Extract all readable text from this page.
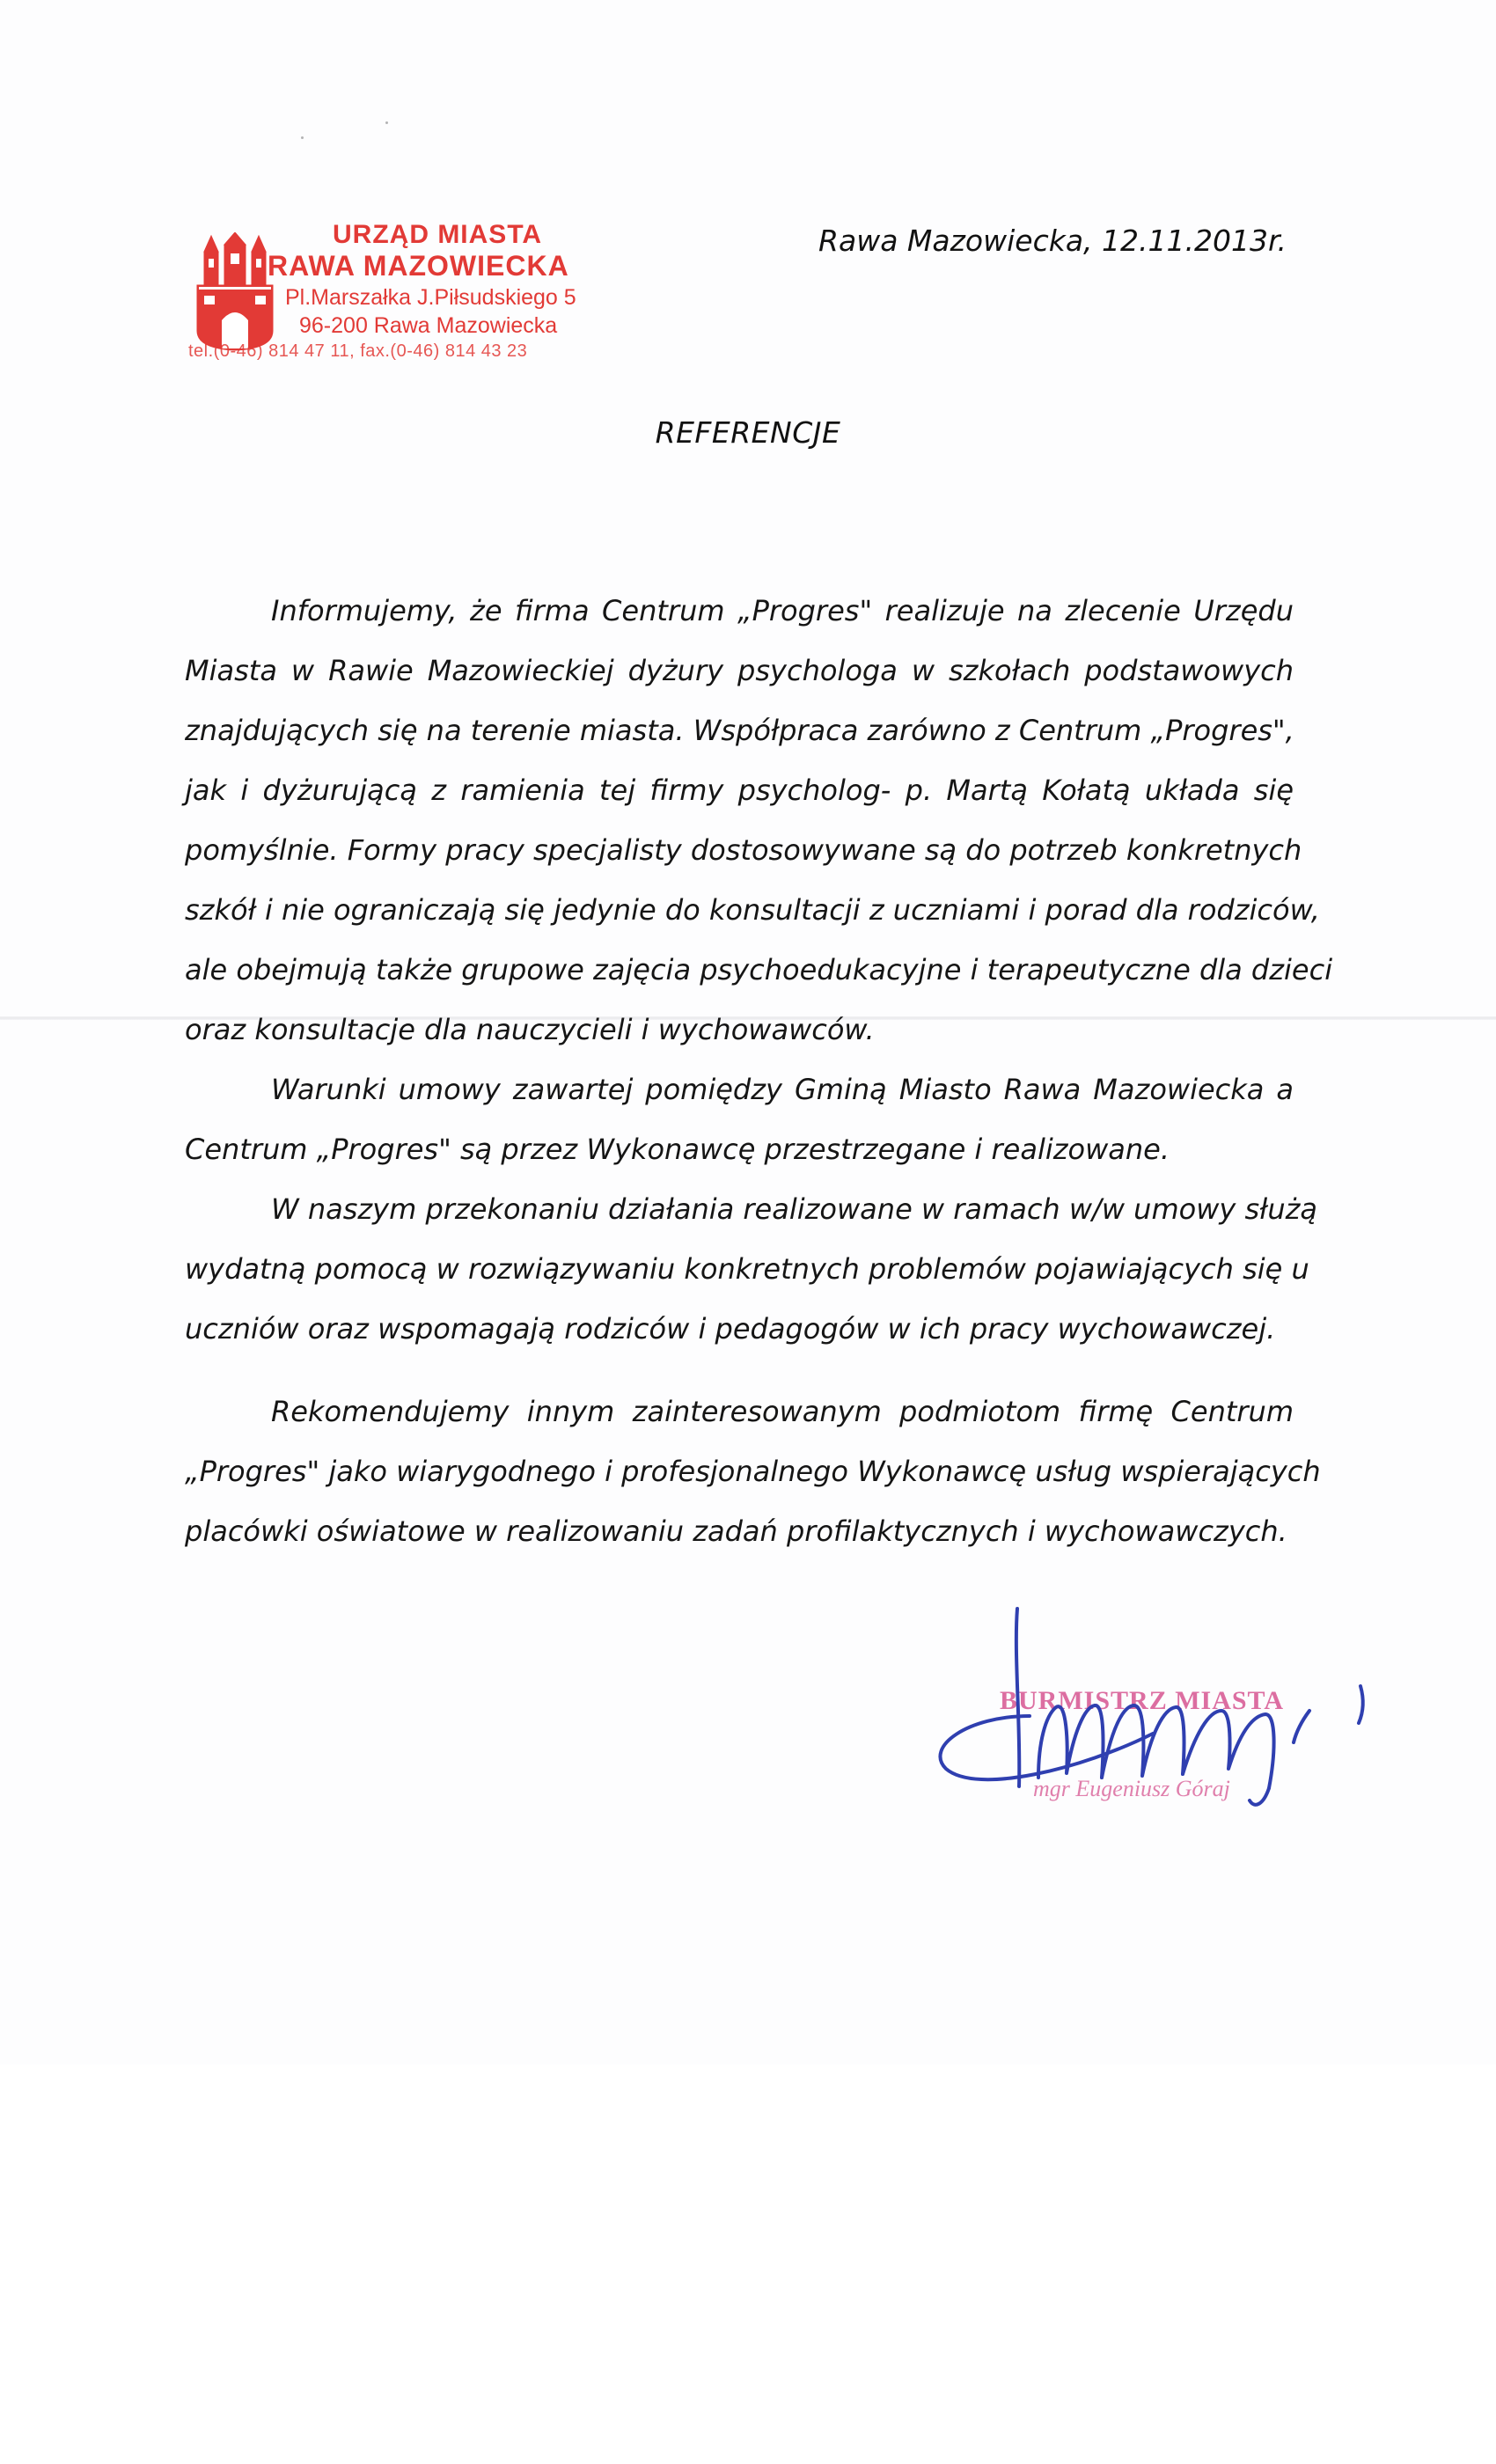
URZĄD MIASTA
RAWA MAZOWIECKA
Pl.Marszałka J.Piłsudskiego 5
96-200 Rawa Mazowiecka
tel.(0-46) 814 47 11, fax.(0-46) 814 43 23
Rawa Mazowiecka, 12.11.2013r.
REFERENCJE
Informujemy, że firma Centrum „Progres" realizuje na zlecenie Urzędu
Miasta w Rawie Mazowieckiej dyżury psychologa w szkołach podstawowych
znajdujących się na terenie miasta. Współpraca zarówno z Centrum „Progres",
jak i dyżurującą z ramienia tej firmy psycholog- p. Martą Kołatą układa się
pomyślnie. Formy pracy specjalisty dostosowywane są do potrzeb konkretnych
szkół i nie ograniczają się jedynie do konsultacji z uczniami i porad dla rodziców,
ale obejmują także grupowe zajęcia psychoedukacyjne i terapeutyczne dla dzieci
oraz konsultacje dla nauczycieli i wychowawców.
Warunki umowy zawartej pomiędzy Gminą Miasto Rawa Mazowiecka a
Centrum „Progres" są przez Wykonawcę przestrzegane i realizowane.
W naszym przekonaniu działania realizowane w ramach w/w umowy służą
wydatną pomocą w rozwiązywaniu konkretnych problemów pojawiających się u
uczniów oraz wspomagają rodziców i pedagogów w ich pracy wychowawczej.
Rekomendujemy innym zainteresowanym podmiotom firmę Centrum
„Progres" jako wiarygodnego i profesjonalnego Wykonawcę usług wspierających
placówki oświatowe w realizowaniu zadań profilaktycznych i wychowawczych.
BURMISTRZ MIASTA
mgr Eugeniusz Góraj
